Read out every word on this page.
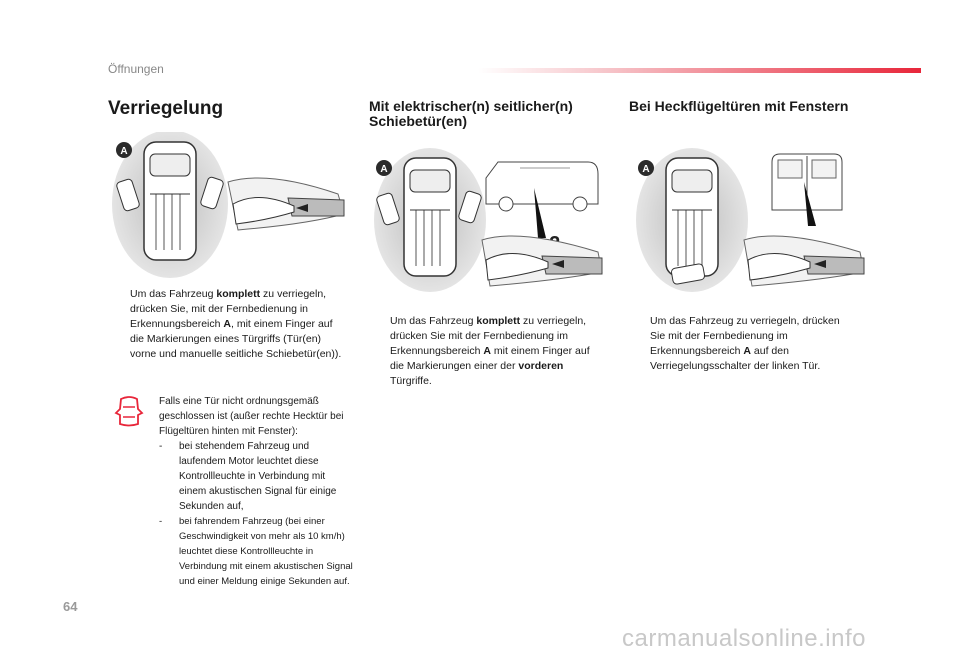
Öffnungen
Verriegelung
A
Um das Fahrzeug komplett zu verriegeln, drücken Sie, mit der Fernbedienung in Erkennungsbereich A, mit einem Finger auf die Markierungen eines Türgriffs (Tür(en) vorne und manuelle seitliche Schiebetür(en)).
Falls eine Tür nicht ordnungsgemäß geschlossen ist (außer rechte Hecktür bei Flügeltüren hinten mit Fenster):
- bei stehendem Fahrzeug und laufendem Motor leuchtet diese Kontrollleuchte in Verbindung mit einem akustischen Signal für einige Sekunden auf,
- bei fahrendem Fahrzeug (bei einer Geschwindigkeit von mehr als 10 km/h) leuchtet diese Kontrollleuchte in Verbindung mit einem akustischen Signal und einer Meldung einige Sekunden auf.
Mit elektrischer(n) seitlicher(n) Schiebetür(en)
A
Um das Fahrzeug komplett zu verriegeln, drücken Sie mit der Fernbedienung im Erkennungsbereich A mit einem Finger auf die Markierungen einer der vorderen Türgriffe.
Bei Heckflügeltüren mit Fenstern
A
Um das Fahrzeug zu verriegeln, drücken Sie mit der Fernbedienung im Erkennungsbereich A auf den Verriegelungsschalter der linken Tür.
64
carmanualsonline.info
